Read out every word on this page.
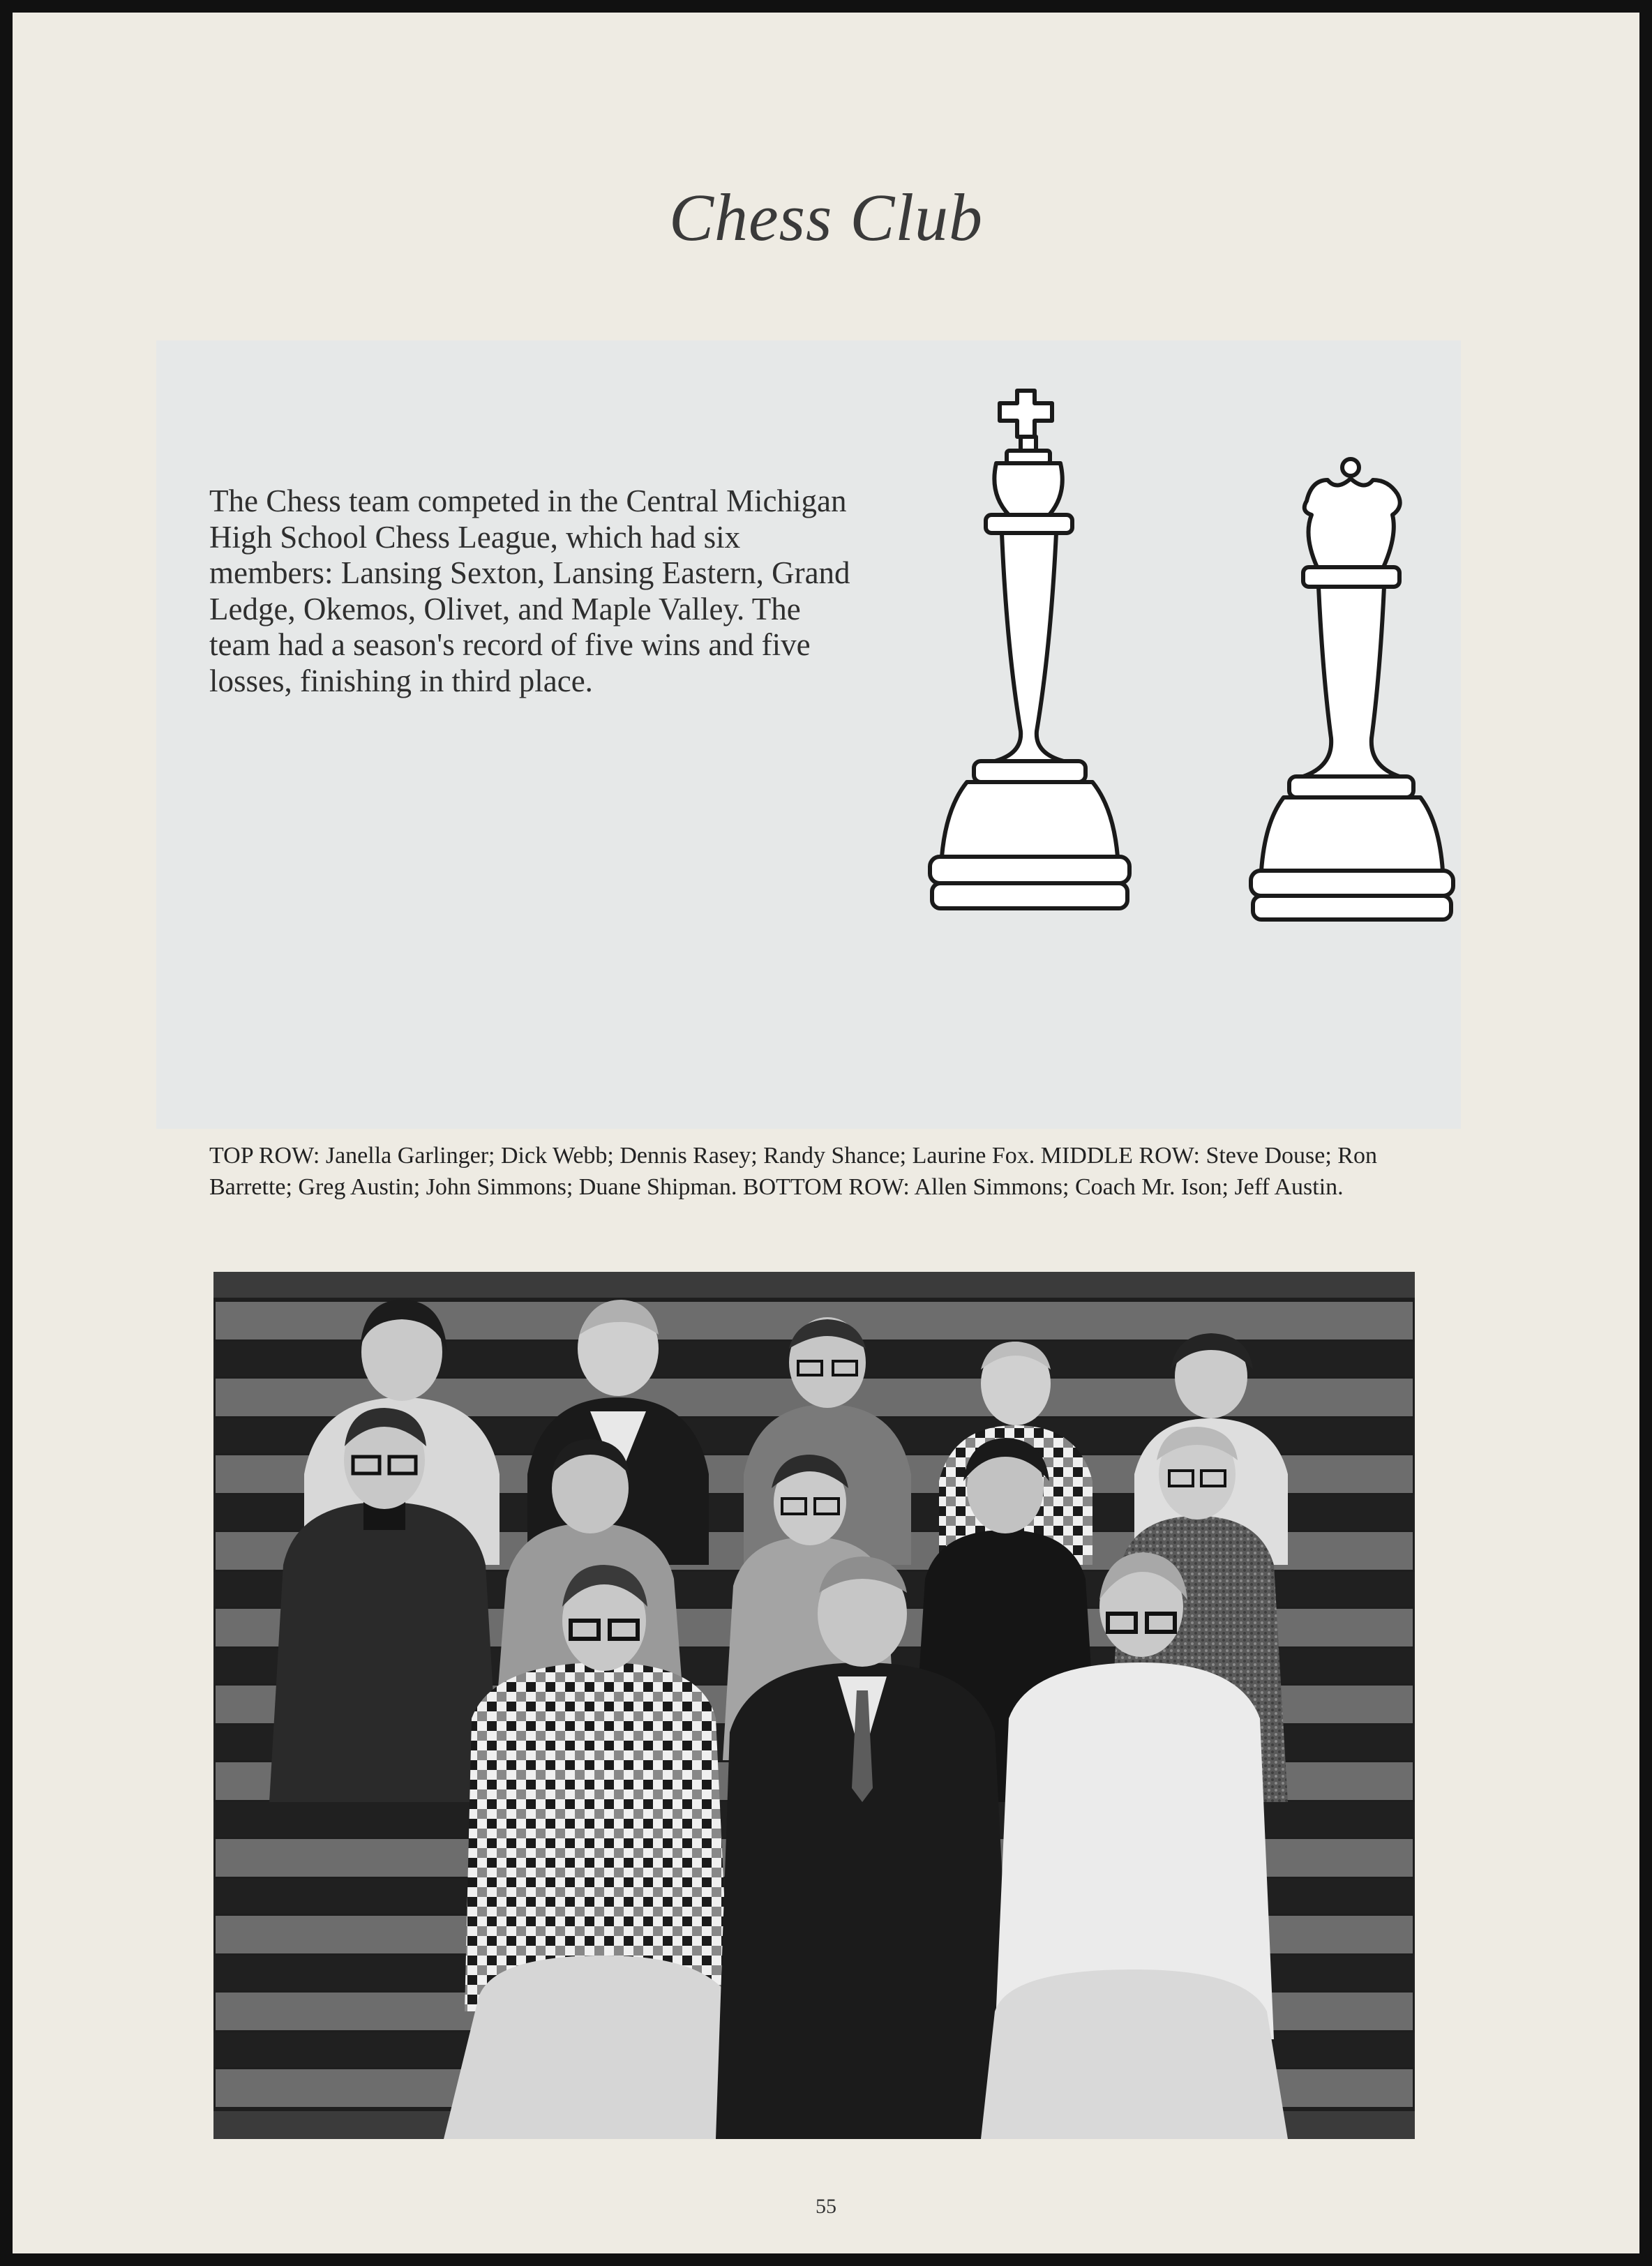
Chess Club

The Chess team competed in the Central Michigan High School Chess League, which had six members: Lansing Sexton, Lansing Eastern, Grand Ledge, Okemos, Olivet, and Maple Valley. The team had a season's record of five wins and five losses, finishing in third place.

TOP ROW: Janella Garlinger; Dick Webb; Dennis Rasey; Randy Shance; Laurine Fox. MIDDLE ROW: Steve Douse; Ron Barrette; Greg Austin; John Simmons; Duane Shipman. BOTTOM ROW: Allen Simmons; Coach Mr. Ison; Jeff Austin.

55
